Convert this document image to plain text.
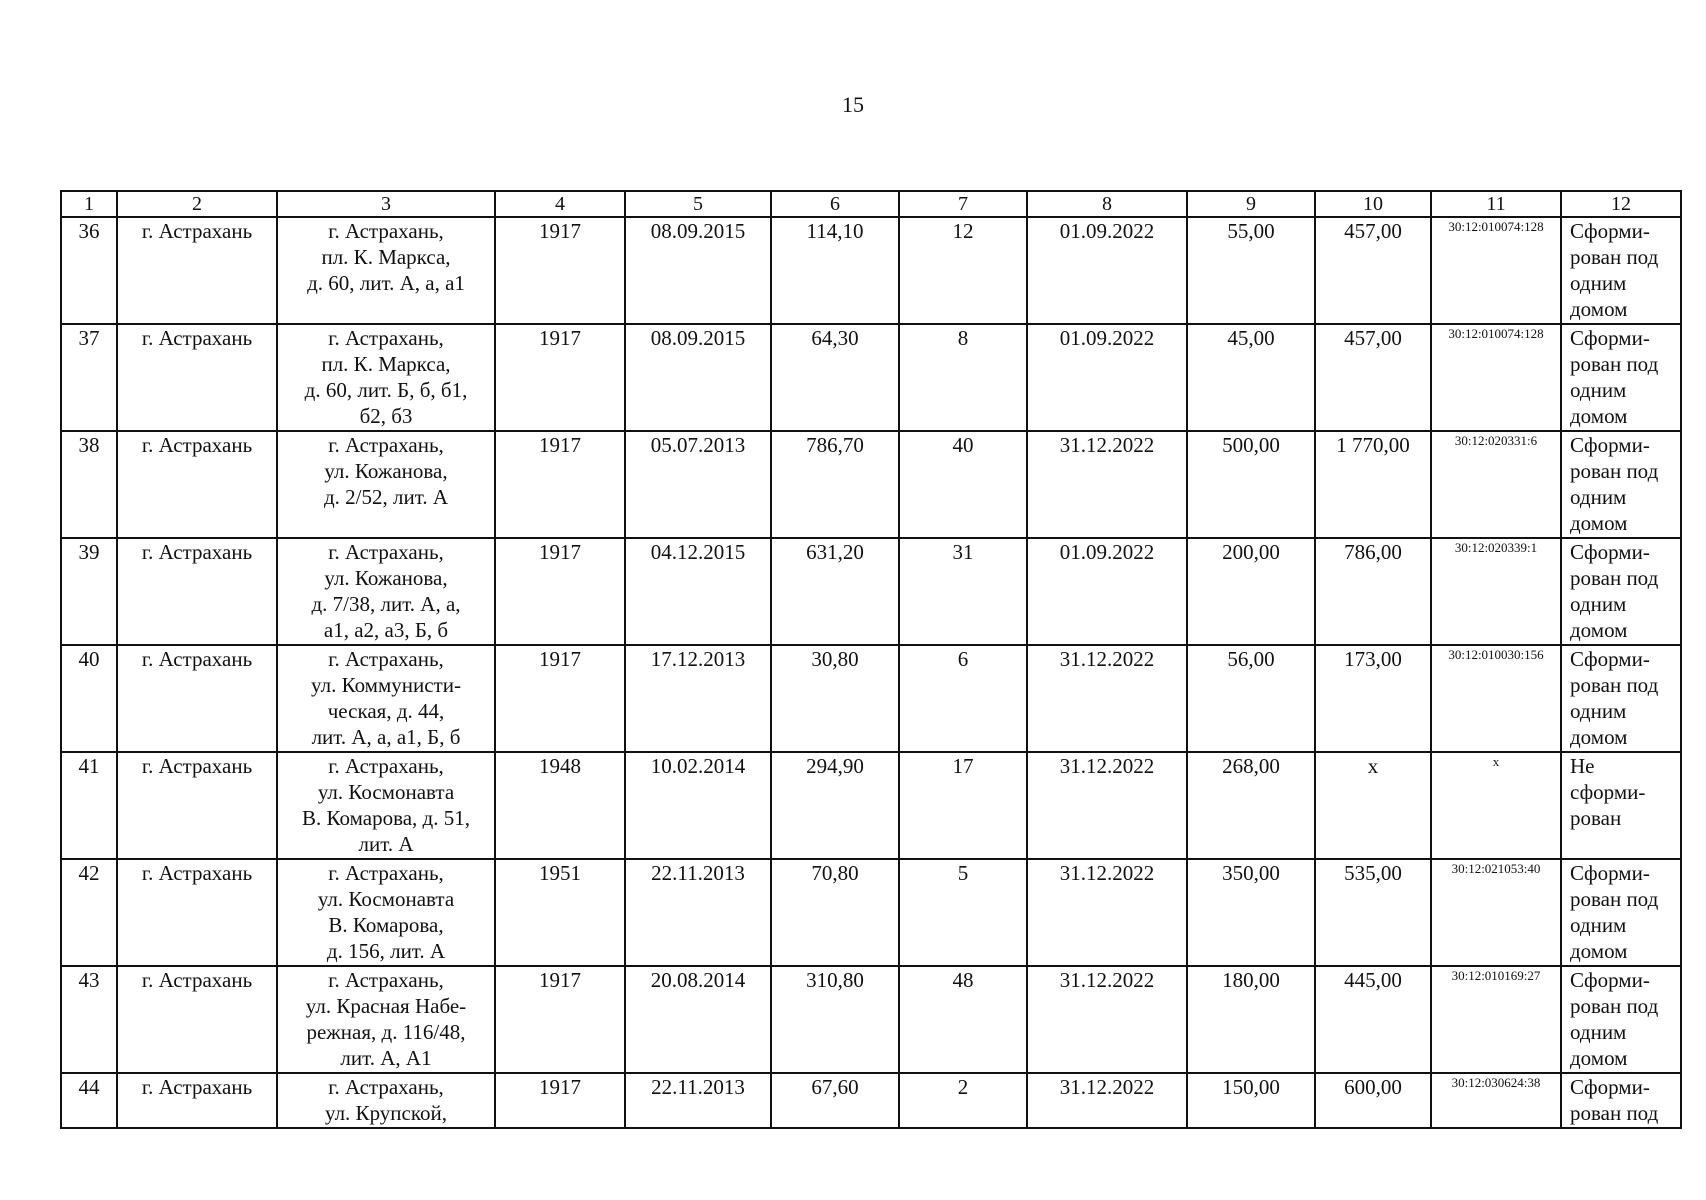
15
1	2	3	4	5	6	7	8	9	10	11	12
36	г. Астрахань	г. Астрахань,
пл. К. Маркса,
д. 60, лит. А, а, а1	1917	08.09.2015	114,10	12	01.09.2022	55,00	457,00	30:12:010074:128	Сформи-
рован под
одним
домом

37	г. Астрахань	г. Астрахань,
пл. К. Маркса,
д. 60, лит. Б, б, б1,
б2, б3	1917	08.09.2015	64,30	8	01.09.2022	45,00	457,00	30:12:010074:128	Сформи-
рован под
одним
домом

38	г. Астрахань	г. Астрахань,
ул. Кожанова,
д. 2/52, лит. А	1917	05.07.2013	786,70	40	31.12.2022	500,00	1 770,00	30:12:020331:6	Сформи-
рован под
одним
домом

39	г. Астрахань	г. Астрахань,
ул. Кожанова,
д. 7/38, лит. А, а,
а1, а2, а3, Б, б	1917	04.12.2015	631,20	31	01.09.2022	200,00	786,00	30:12:020339:1	Сформи-
рован под
одним
домом

40	г. Астрахань	г. Астрахань,
ул. Коммунисти-
ческая, д. 44,
лит. А, а, а1, Б, б	1917	17.12.2013	30,80	6	31.12.2022	56,00	173,00	30:12:010030:156	Сформи-
рован под
одним
домом

41	г. Астрахань	г. Астрахань,
ул. Космонавта
В. Комарова, д. 51,
лит. А	1948	10.02.2014	294,90	17	31.12.2022	268,00	х	х	Не
сформи-
рован

42	г. Астрахань	г. Астрахань,
ул. Космонавта
В. Комарова,
д. 156, лит. А	1951	22.11.2013	70,80	5	31.12.2022	350,00	535,00	30:12:021053:40	Сформи-
рован под
одним
домом

43	г. Астрахань	г. Астрахань,
ул. Красная Набе-
режная, д. 116/48,
лит. А, А1	1917	20.08.2014	310,80	48	31.12.2022	180,00	445,00	30:12:010169:27	Сформи-
рован под
одним
домом

44	г. Астрахань	г. Астрахань,
ул. Крупской,	1917	22.11.2013	67,60	2	31.12.2022	150,00	600,00	30:12:030624:38	Сформи-
рован под
